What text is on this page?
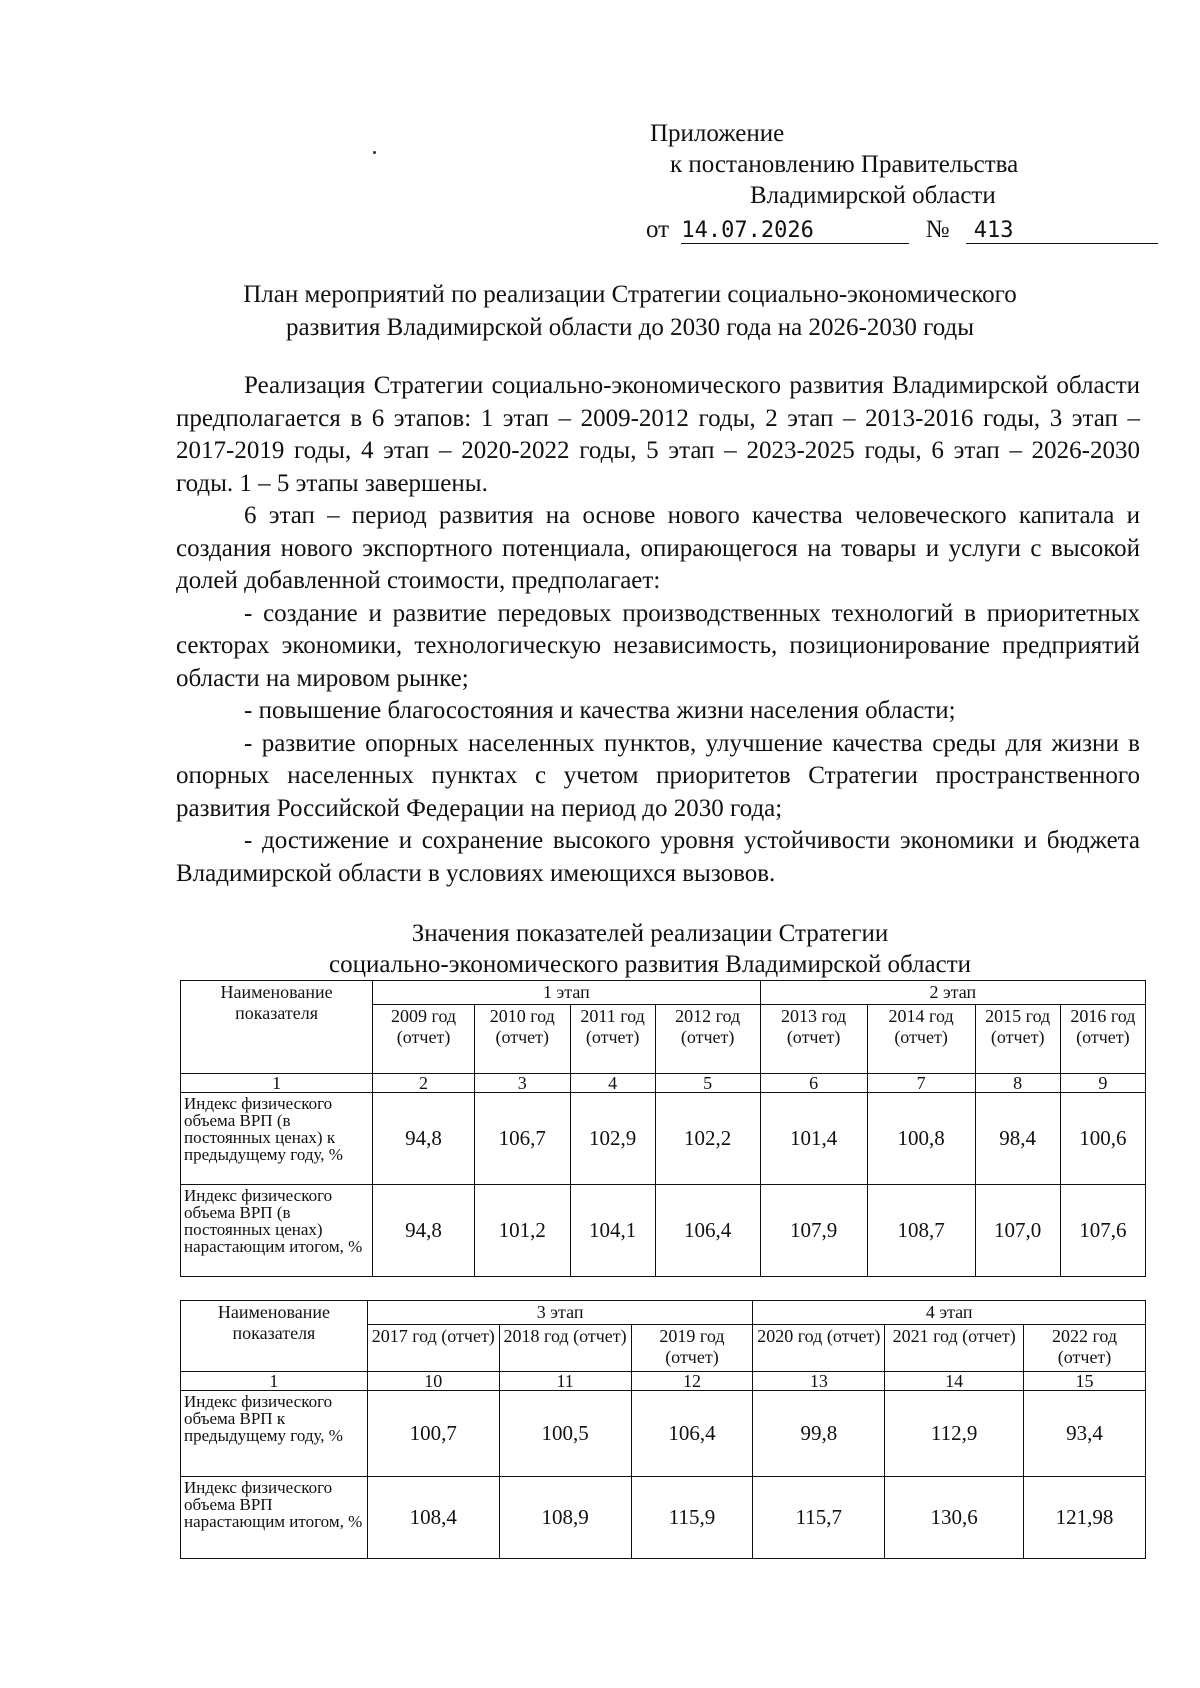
Приложение
к постановлению Правительства
Владимирской области
от 14.07.2026	№ 413
План мероприятий по реализации Стратегии социально-экономического
развития Владимирской области до 2030 года на 2026-2030 годы

Реализация Стратегии социально-экономического развития Владимирской области предполагается в 6 этапов: 1 этап – 2009-2012 годы, 2 этап – 2013-2016 годы, 3 этап – 2017-2019 годы, 4 этап – 2020-2022 годы, 5 этап – 2023-2025 годы, 6 этап – 2026-2030 годы. 1 – 5 этапы завершены.

6 этап – период развития на основе нового качества человеческого капитала и создания нового экспортного потенциала, опирающегося на товары и услуги с высокой долей добавленной стоимости, предполагает:

- создание и развитие передовых производственных технологий в приоритетных секторах экономики, технологическую независимость, позиционирование предприятий области на мировом рынке;

- повышение благосостояния и качества жизни населения области;

- развитие опорных населенных пунктов, улучшение качества среды для жизни в опорных населенных пунктах с учетом приоритетов Стратегии пространственного развития Российской Федерации на период до 2030 года;

- достижение и сохранение высокого уровня устойчивости экономики и бюджета Владимирской области в условиях имеющихся вызовов.

Значения показателей реализации Стратегии
социально-экономического развития Владимирской области
Наименование показателя	1 этап				2 этап			
	2009 год (отчет)	2010 год (отчет)	2011 год (отчет)	2012 год (отчет)	2013 год (отчет)	2014 год (отчет)	2015 год (отчет)	2016 год (отчет)
1	2	3	4	5	6	7	8	9
Индекс физического объема ВРП (в постоянных ценах) к предыдущему году, %	94,8	106,7	102,9	102,2	101,4	100,8	98,4	100,6
Индекс физического объема ВРП (в постоянных ценах) нарастающим итогом, %	94,8	101,2	104,1	106,4	107,9	108,7	107,0	107,6
Наименование показателя	3 этап			4 этап		
	2017 год (отчет)	2018 год (отчет)	2019 год (отчет)	2020 год (отчет)	2021 год (отчет)	2022 год (отчет)
1	10	11	12	13	14	15
Индекс физического объема ВРП к предыдущему году, %	100,7	100,5	106,4	99,8	112,9	93,4
Индекс физического объема ВРП нарастающим итогом, %	108,4	108,9	115,9	115,7	130,6	121,98
